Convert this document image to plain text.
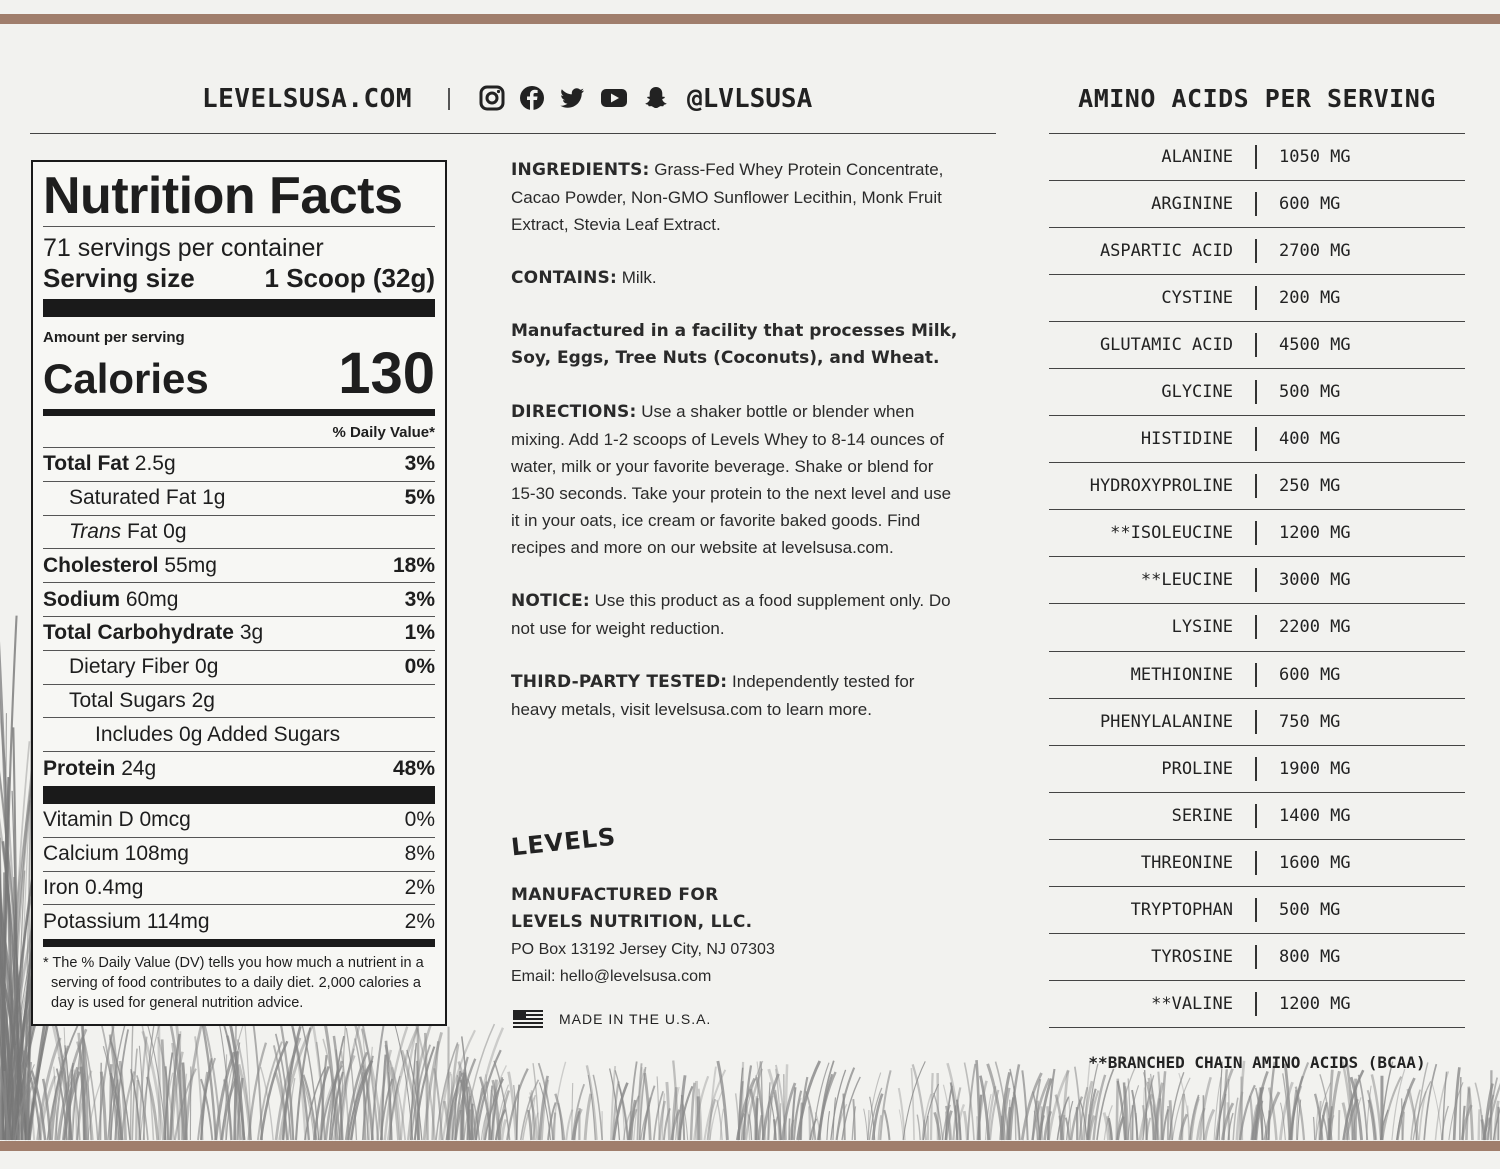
LEVELSUSA.COM	@LVLSUSA
Nutrition Facts
71 servings per container
Serving size	1 Scoop (32g)
Amount per serving
Calories 130
% Daily Value*
Total Fat 2.5g	3%
Saturated Fat 1g	5%
Trans Fat 0g
Cholesterol 55mg	18%
Sodium 60mg	3%
Total Carbohydrate 3g	1%
Dietary Fiber 0g	0%
Total Sugars 2g
Includes 0g Added Sugars
Protein 24g	48%
Vitamin D 0mcg	0%
Calcium 108mg	8%
Iron 0.4mg	2%
Potassium 114mg	2%
* The % Daily Value (DV) tells you how much a nutrient in a serving of food contributes to a daily diet. 2,000 calories a day is used for general nutrition advice.

INGREDIENTS: Grass-Fed Whey Protein Concentrate, Cacao Powder, Non-GMO Sunflower Lecithin, Monk Fruit Extract, Stevia Leaf Extract.

CONTAINS: Milk.

Manufactured in a facility that processes Milk, Soy, Eggs, Tree Nuts (Coconuts), and Wheat.

DIRECTIONS: Use a shaker bottle or blender when mixing. Add 1-2 scoops of Levels Whey to 8-14 ounces of water, milk or your favorite beverage. Shake or blend for 15-30 seconds. Take your protein to the next level and use it in your oats, ice cream or favorite baked goods. Find recipes and more on our website at levelsusa.com.

NOTICE: Use this product as a food supplement only. Do not use for weight reduction.

THIRD-PARTY TESTED: Independently tested for heavy metals, visit levelsusa.com to learn more.

LEVELS
MANUFACTURED FOR
LEVELS NUTRITION, LLC.
PO Box 13192 Jersey City, NJ 07303
Email: hello@levelsusa.com
MADE IN THE U.S.A.
AMINO ACIDS PER SERVING
ALANINE	1050 MG
ARGININE	600 MG
ASPARTIC ACID	2700 MG
CYSTINE	200 MG
GLUTAMIC ACID	4500 MG
GLYCINE	500 MG
HISTIDINE	400 MG
HYDROXYPROLINE	250 MG
**ISOLEUCINE	1200 MG
**LEUCINE	3000 MG
LYSINE	2200 MG
METHIONINE	600 MG
PHENYLALANINE	750 MG
PROLINE	1900 MG
SERINE	1400 MG
THREONINE	1600 MG
TRYPTOPHAN	500 MG
TYROSINE	800 MG
**VALINE	1200 MG
**BRANCHED CHAIN AMINO ACIDS (BCAA)
